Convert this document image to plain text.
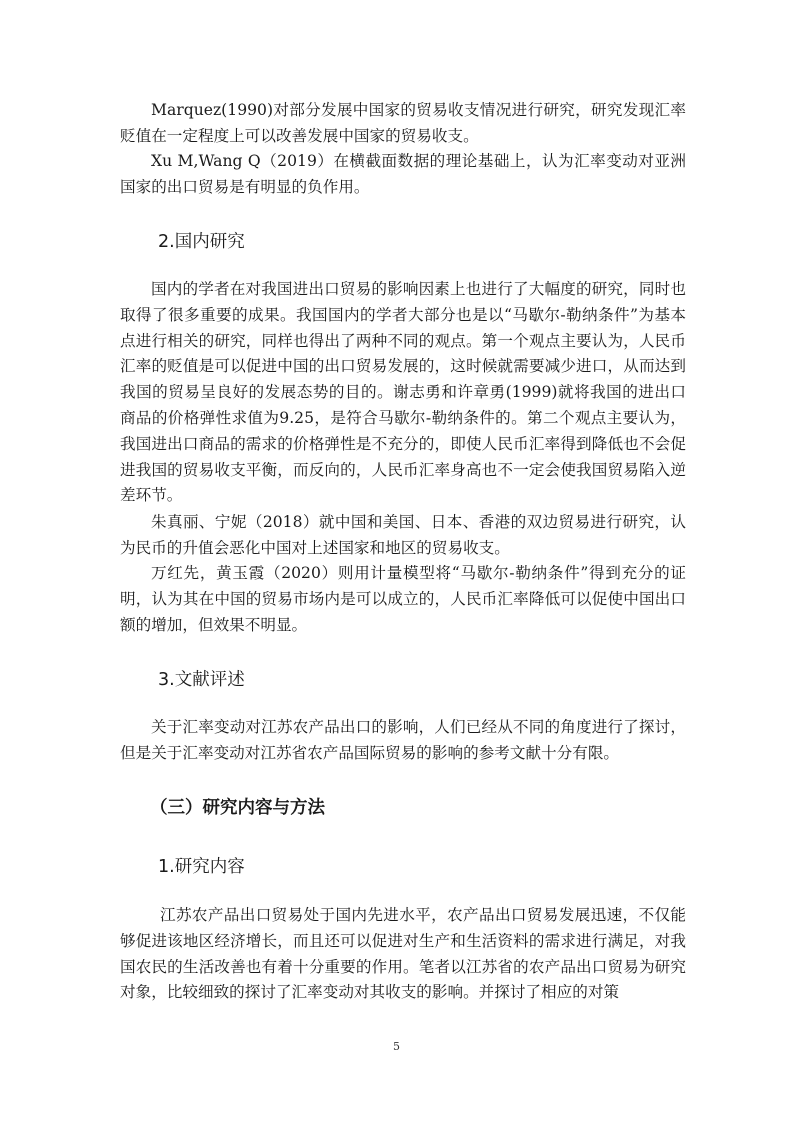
Marquez(1990)对部分发展中国家的贸易收支情况进行研究，研究发现汇率贬值在一定程度上可以改善发展中国家的贸易收支。

Xu M,Wang Q（2019）在横截面数据的理论基础上，认为汇率变动对亚洲国家的出口贸易是有明显的负作用。

2.国内研究

国内的学者在对我国进出口贸易的影响因素上也进行了大幅度的研究，同时也取得了很多重要的成果。我国国内的学者大部分也是以“马歇尔-勒纳条件”为基本点进行相关的研究，同样也得出了两种不同的观点。第一个观点主要认为，人民币汇率的贬值是可以促进中国的出口贸易发展的，这时候就需要减少进口，从而达到我国的贸易呈良好的发展态势的目的。谢志勇和许章勇(1999)就将我国的进出口商品的价格弹性求值为9.25，是符合马歇尔-勒纳条件的。第二个观点主要认为，我国进出口商品的需求的价格弹性是不充分的，即使人民币汇率得到降低也不会促进我国的贸易收支平衡，而反向的，人民币汇率身高也不一定会使我国贸易陷入逆差环节。

朱真丽、宁妮（2018）就中国和美国、日本、香港的双边贸易进行研究，认为民币的升值会恶化中国对上述国家和地区的贸易收支。

万红先，黄玉霞（2020）则用计量模型将“马歇尔-勒纳条件”得到充分的证明，认为其在中国的贸易市场内是可以成立的，人民币汇率降低可以促使中国出口额的增加，但效果不明显。

3.文献评述

关于汇率变动对江苏农产品出口的影响，人们已经从不同的角度进行了探讨，但是关于汇率变动对江苏省农产品国际贸易的影响的参考文献十分有限。

（三）研究内容与方法
1.研究内容

江苏农产品出口贸易处于国内先进水平，农产品出口贸易发展迅速，不仅能够促进该地区经济增长，而且还可以促进对生产和生活资料的需求进行满足，对我国农民的生活改善也有着十分重要的作用。笔者以江苏省的农产品出口贸易为研究对象，比较细致的探讨了汇率变动对其收支的影响。并探讨了相应的对策

5
